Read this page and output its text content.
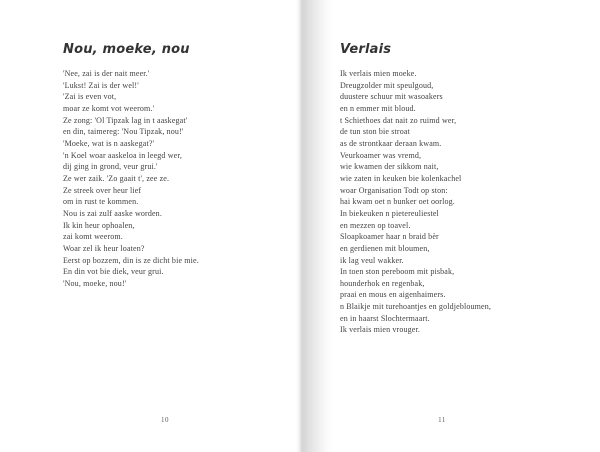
Nou, moeke, nou
'Nee, zai is der nait meer.'
'Lukst! Zai is der wel!'
'Zai is even vot,
moar ze komt vot weerom.'
Ze zong: 'Ol Tipzak lag in t aaskegat'
en din, taimereg: 'Nou Tipzak, nou!'
'Moeke, wat is n aaskegat?'
'n Koel woar aaskeloa in leegd wer,
dij ging in grond, veur grui.'
Ze wer zaik. 'Zo gaait t', zee ze.
Ze streek over heur lief
om in rust te kommen.
Nou is zai zulf aaske worden.
Ik kin heur ophoalen,
zai komt weerom.
Woar zel ik heur loaten?
Eerst op bozzem, din is ze dicht bie mie.
En din vot bie diek, veur grui.
'Nou, moeke, nou!'
10
Verlais
Ik verlais mien moeke.
Dreugzolder mit speulgoud,
duustere schuur mit wasoakers
en n emmer mit bloud.
t Schiethoes dat nait zo ruimd wer,
de tun ston bie stroat
as de strontkaar deraan kwam.
Veurkoamer was vremd,
wie kwamen der sikkom nait,
wie zaten in keuken bie kolenkachel
woar Organisation Todt op ston:
hai kwam oet n bunker oet oorlog.
In biekeuken n pietereuliestel
en mezzen op toavel.
Sloapkoamer haar n braid bèr
en gerdienen mit bloumen,
ik lag veul wakker.
In toen ston pereboom mit pisbak,
hounderhok en regenbak,
praai en mous en aigenhaimers.
n Blaikje mit turehoantjes en goldjebloumen,
en in haarst Slochtermaart.
Ik verlais mien vrouger.
11
